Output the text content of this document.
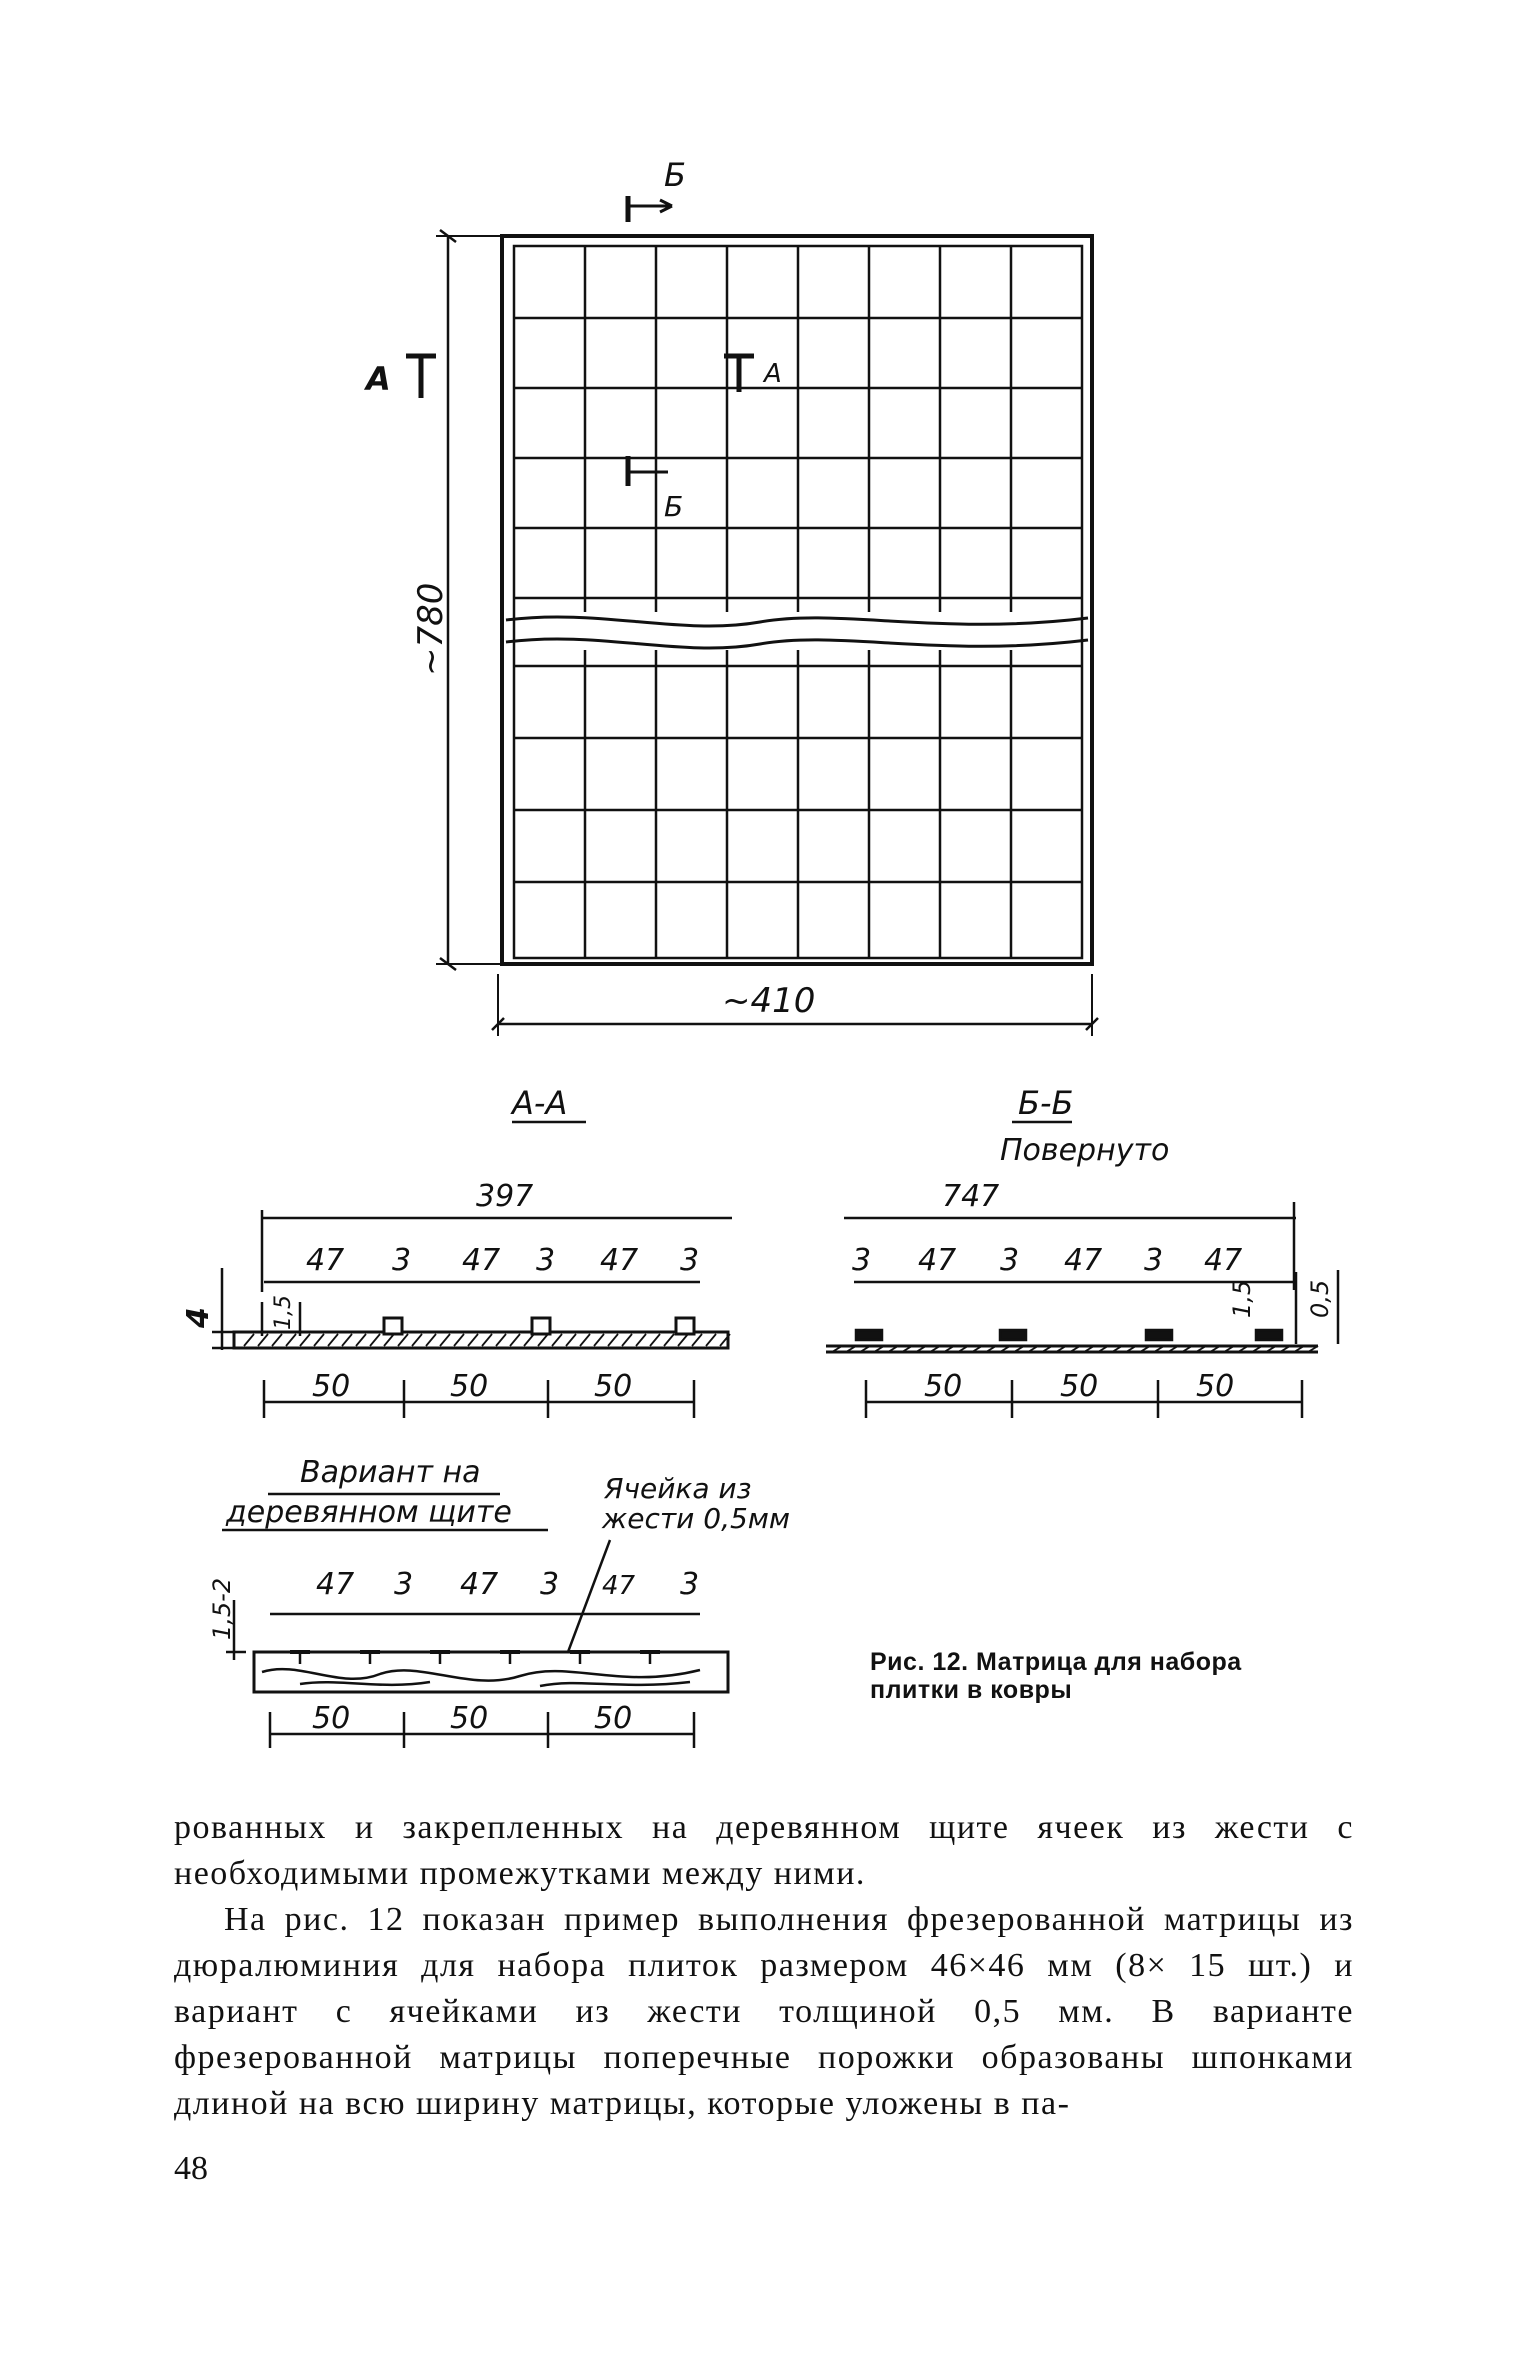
Б
А	А
Б
~780
~410
А-А
397
47 3 47 3 47 3
4	1,5
50	50	50
Б-Б
Повернуто
747
3 47 3 47 3 47
1,5 0,5
50	50	50
Вариант на
деревянном щите
Ячейка из
жести 0,5мм
1,5-2	47 3 47 3 47 3
50	50	50
Рис. 12. Матрица для набора
плитки в ковры

рованных и закрепленных на деревянном щите ячеек из жести с необходимыми промежутками между ними.

На рис. 12 показан пример выполнения фрезерованной матрицы из дюралюминия для набора плиток размером 46×46 мм (8× 15 шт.) и вариант с ячейками из жести толщиной 0,5 мм. В варианте фрезерованной матрицы поперечные порожки образованы шпонками длиной на всю ширину матрицы, которые уложены в па-

48
